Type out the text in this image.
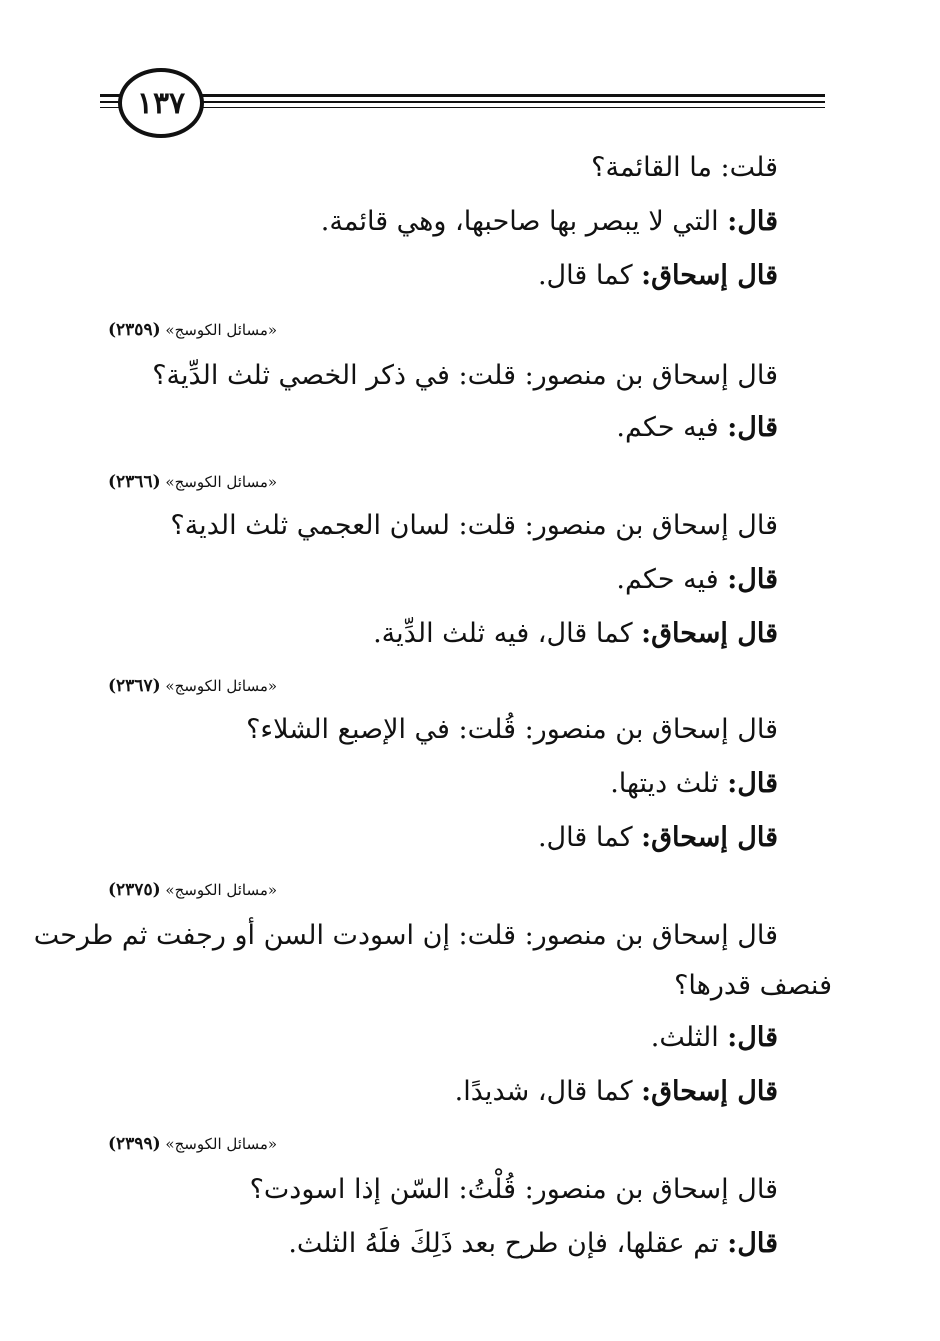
١٣٧
قلت: ما القائمة؟
قال: التي لا يبصر بها صاحبها، وهي قائمة.
قال إسحاق: كما قال.
«مسائل الكوسج» (٢٣٥٩)
قال إسحاق بن منصور: قلت: في ذكر الخصي ثلث الدِّية؟
قال: فيه حكم.
«مسائل الكوسج» (٢٣٦٦)
قال إسحاق بن منصور: قلت: لسان العجمي ثلث الدية؟
قال: فيه حكم.
قال إسحاق: كما قال، فيه ثلث الدِّية.
«مسائل الكوسج» (٢٣٦٧)
قال إسحاق بن منصور: قُلت: في الإصبع الشلاء؟
قال: ثلث ديتها.
قال إسحاق: كما قال.
«مسائل الكوسج» (٢٣٧٥)
قال إسحاق بن منصور: قلت: إن اسودت السن أو رجفت ثم طرحت
فنصف قدرها؟
قال: الثلث.
قال إسحاق: كما قال، شديدًا.
«مسائل الكوسج» (٢٣٩٩)
قال إسحاق بن منصور: قُلْتُ: السّن إذا اسودت؟
قال: تم عقلها، فإن طرح بعد ذَلِكَ فلَهُ الثلث.
